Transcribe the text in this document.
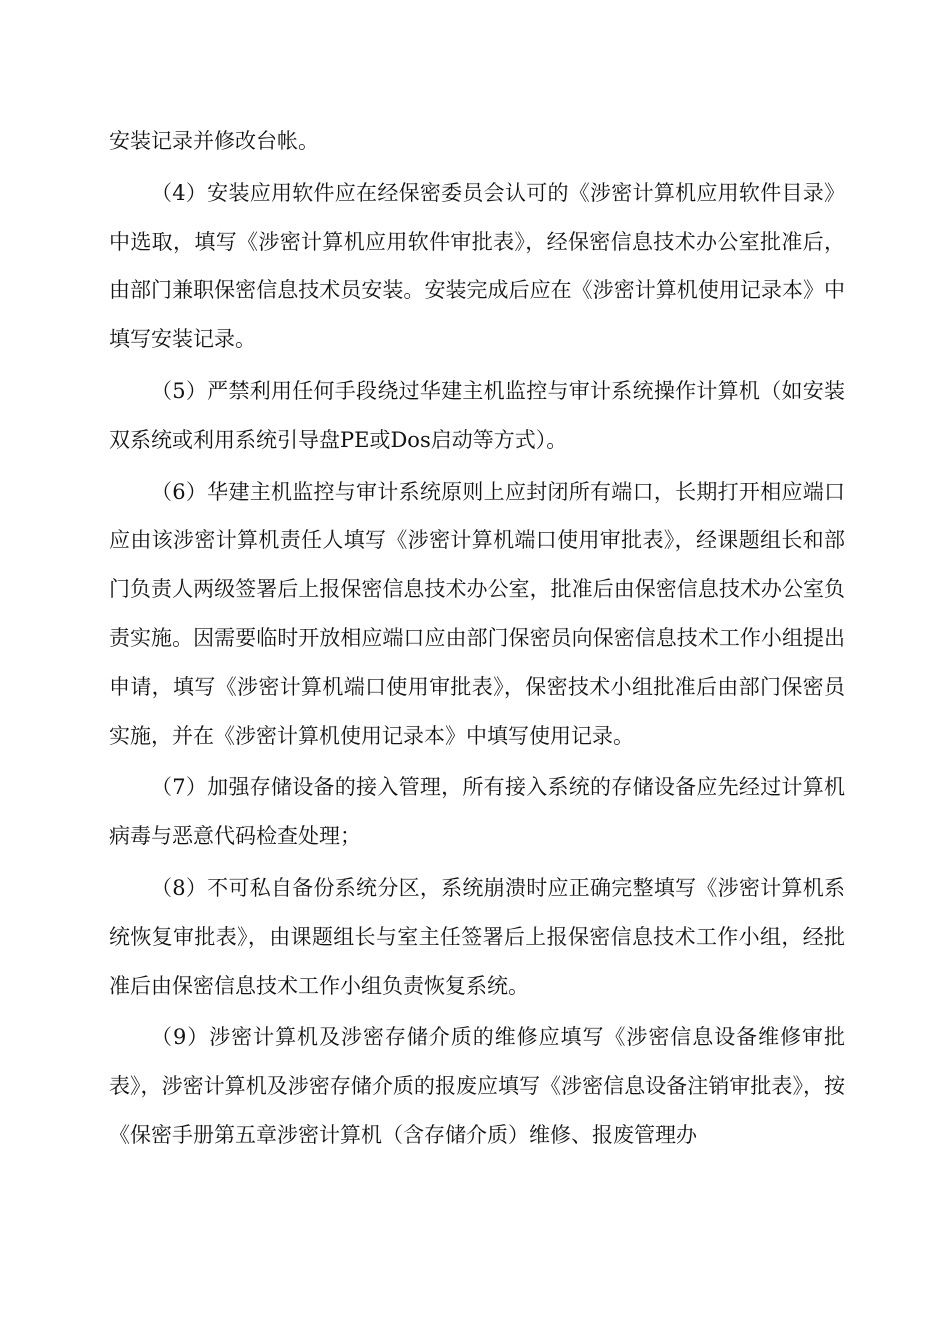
安装记录并修改台帐。

（4）安装应用软件应在经保密委员会认可的《涉密计算机应用软件目录》中选取，填写《涉密计算机应用软件审批表》，经保密信息技术办公室批准后，由部门兼职保密信息技术员安装。安装完成后应在《涉密计算机使用记录本》中填写安装记录。

（5）严禁利用任何手段绕过华建主机监控与审计系统操作计算机（如安装双系统或利用系统引导盘PE或Dos启动等方式）。

（6）华建主机监控与审计系统原则上应封闭所有端口，长期打开相应端口应由该涉密计算机责任人填写《涉密计算机端口使用审批表》，经课题组长和部门负责人两级签署后上报保密信息技术办公室，批准后由保密信息技术办公室负责实施。因需要临时开放相应端口应由部门保密员向保密信息技术工作小组提出申请，填写《涉密计算机端口使用审批表》，保密技术小组批准后由部门保密员实施，并在《涉密计算机使用记录本》中填写使用记录。

（7）加强存储设备的接入管理，所有接入系统的存储设备应先经过计算机病毒与恶意代码检查处理；

（8）不可私自备份系统分区，系统崩溃时应正确完整填写《涉密计算机系统恢复审批表》，由课题组长与室主任签署后上报保密信息技术工作小组，经批准后由保密信息技术工作小组负责恢复系统。

（9）涉密计算机及涉密存储介质的维修应填写《涉密信息设备维修审批表》，涉密计算机及涉密存储介质的报废应填写《涉密信息设备注销审批表》，按《保密手册第五章涉密计算机（含存储介质）维修、报废管理办
